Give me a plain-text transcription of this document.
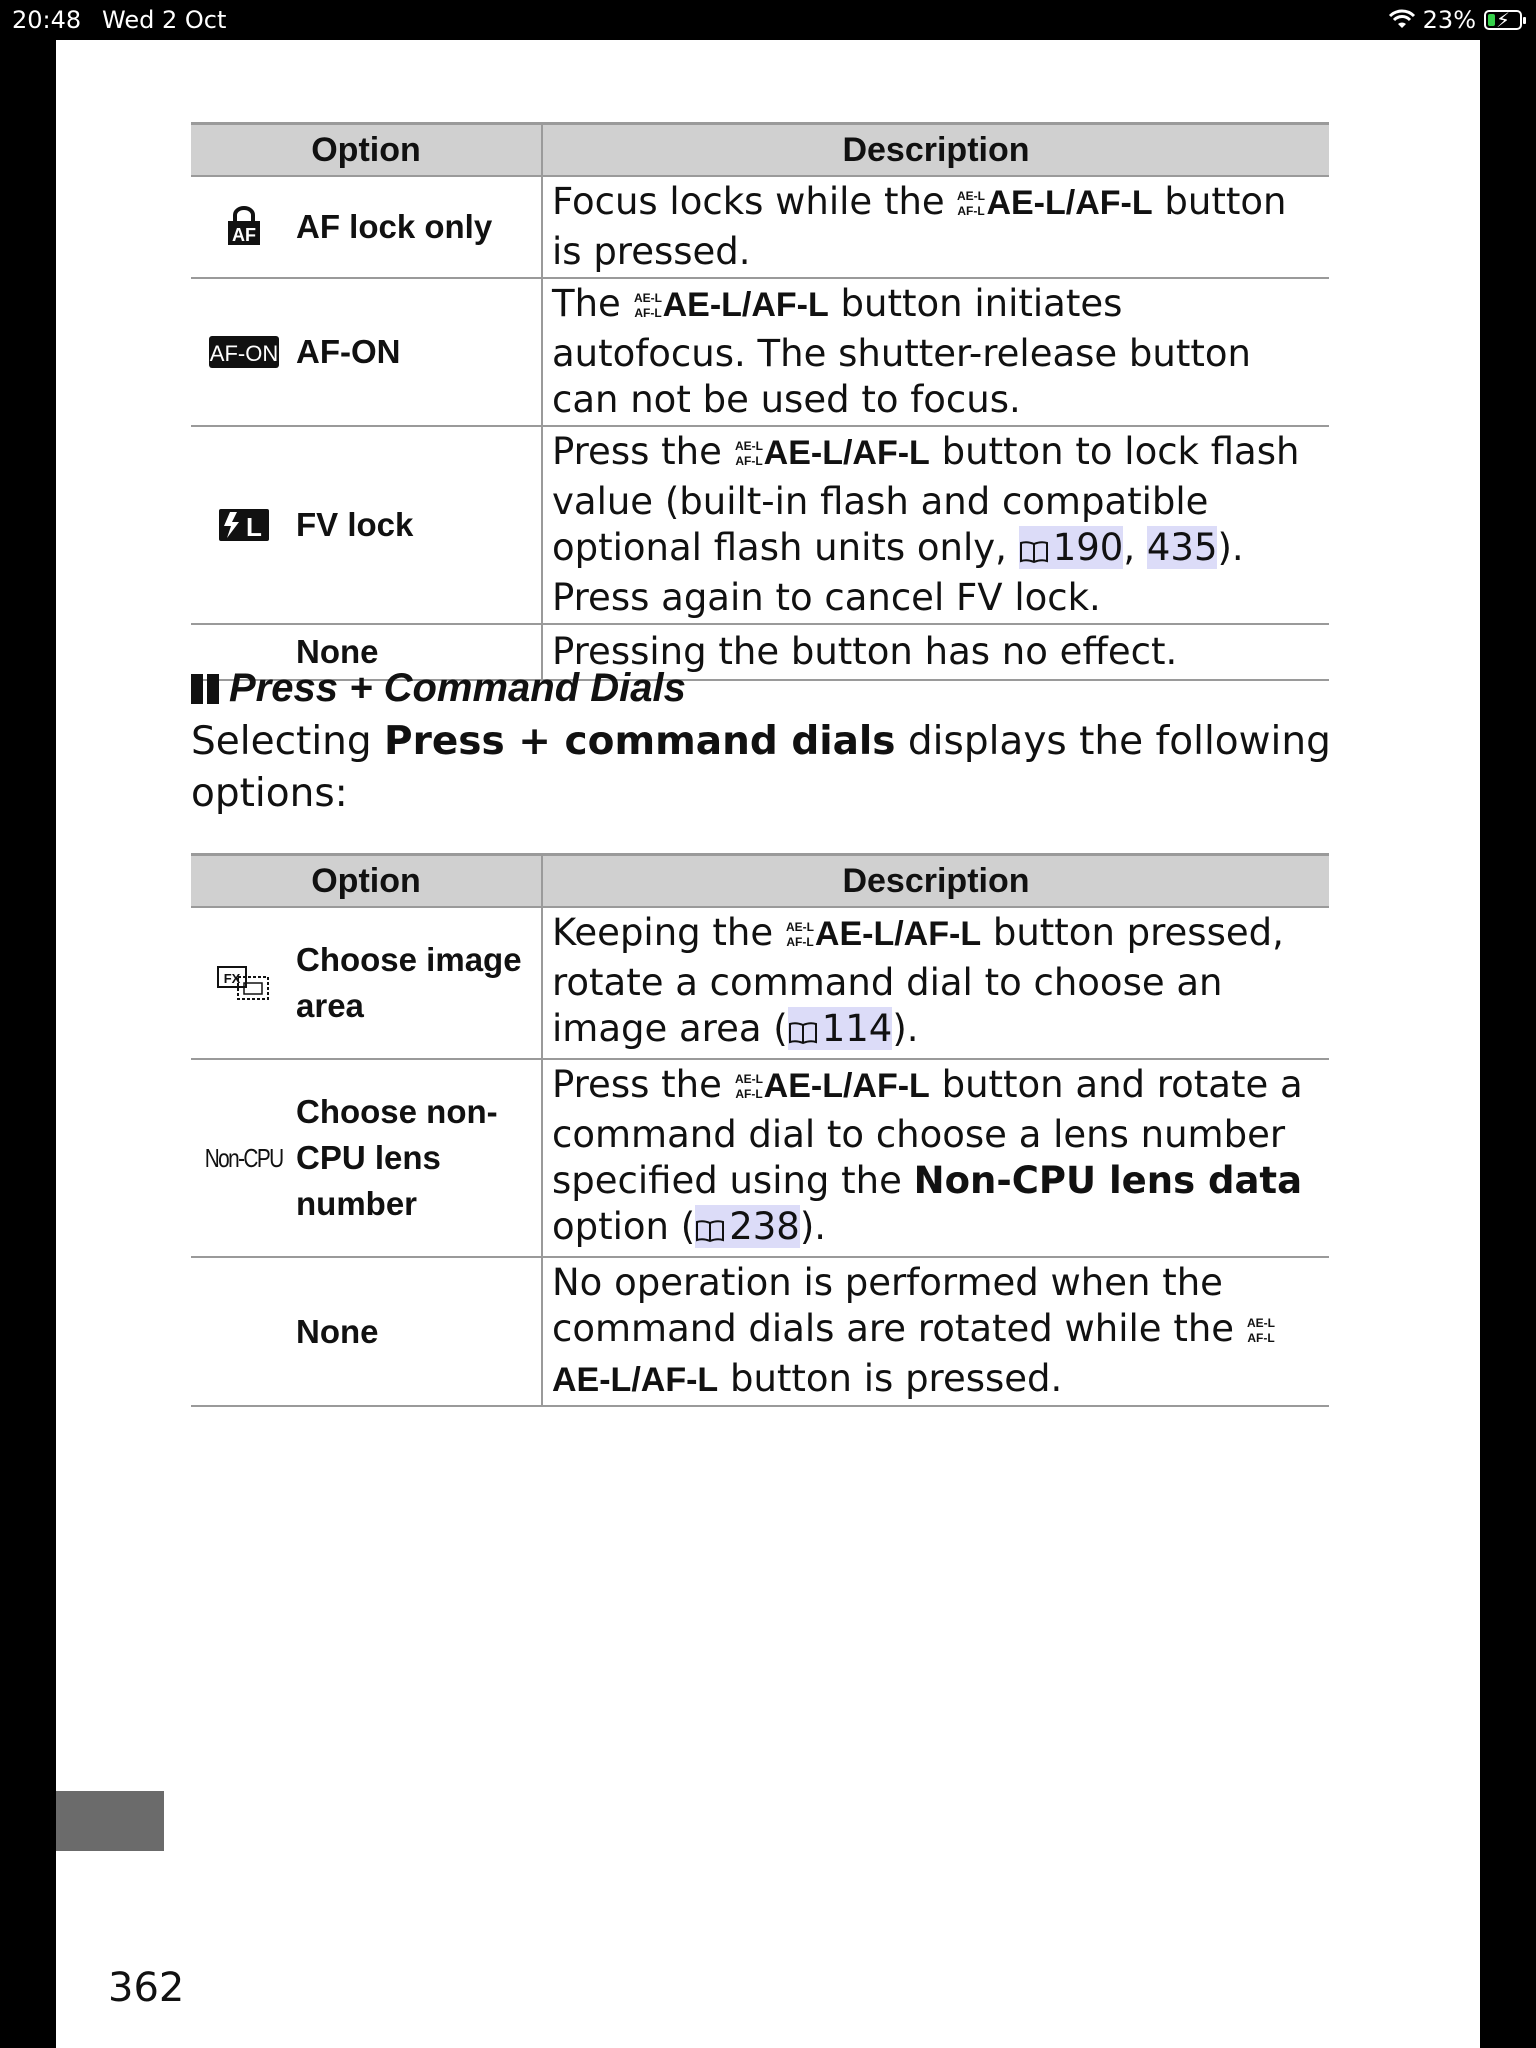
20:48 Wed 2 Oct	23% ⚡
Option	Description

AF AF lock only	Focus locks while the AE-L
AF-L AE-L/AF-L button is pressed.

AF-ON AF-ON	The AE-L
AF-L AE-L/AF-L button initiates autofocus. The shutter-release button can not be used to focus.

L FV lock	Press the AE-L
AF-L AE-L/AF-L button to lock flash value (built-in flash and compatible optional flash units only, 190, 435). Press again to cancel FV lock.

None	Pressing the button has no effect.
Press + Command Dials
Selecting Press + command dials displays the following options:
Option	Description

FX
Choose image area	Keeping the AE-L
AF-L AE-L/AF-L button pressed, rotate a command dial to choose an image area ( 114).

Non-CPU
Choose non-CPU lens number	Press the AE-L
AF-L AE-L/AF-L button and rotate a command dial to choose a lens number specified using the Non-CPU lens data option ( 238).

None	No operation is performed when the command dials are rotated while the AE-L
AF-L
AE-L/AF-L button is pressed.
362
